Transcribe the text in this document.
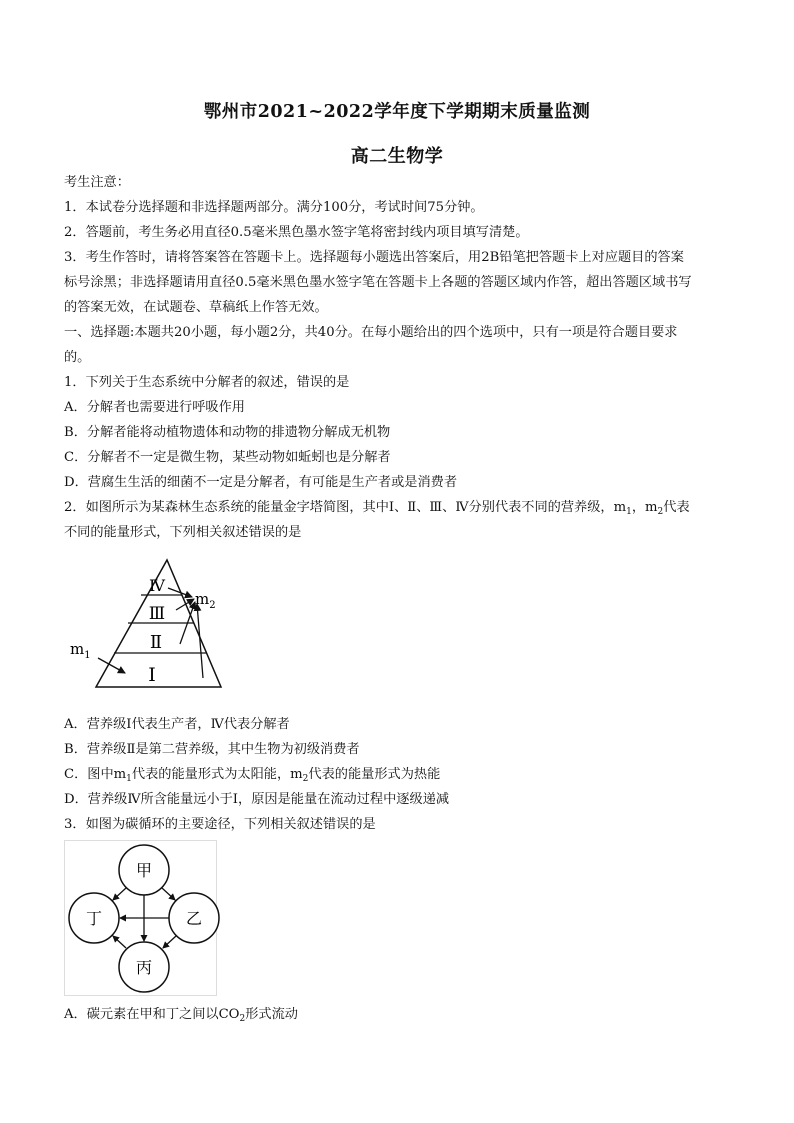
鄂州市2021~2022学年度下学期期末质量监测
高二生物学
考生注意：
1．本试卷分选择题和非选择题两部分。满分100分，考试时间75分钟。
2．答题前，考生务必用直径0.5毫米黑色墨水签字笔将密封线内项目填写清楚。
3．考生作答时，请将答案答在答题卡上。选择题每小题选出答案后，用2B铅笔把答题卡上对应题目的答案
标号涂黑；非选择题请用直径0.5毫米黑色墨水签字笔在答题卡上各题的答题区域内作答，超出答题区域书写
的答案无效，在试题卷、草稿纸上作答无效。
一、选择题:本题共20小题，每小题2分，共40分。在每小题给出的四个选项中，只有一项是符合题目要求
的。
1．下列关于生态系统中分解者的叙述，错误的是
A．分解者也需要进行呼吸作用
B．分解者能将动植物遗体和动物的排遗物分解成无机物
C．分解者不一定是微生物，某些动物如蚯蚓也是分解者
D．营腐生生活的细菌不一定是分解者，有可能是生产者或是消费者
2．如图所示为某森林生态系统的能量金字塔简图，其中Ⅰ、Ⅱ、Ⅲ、Ⅳ分别代表不同的营养级，$m_1$，$m_2$代表
不同的能量形式，下列相关叙述错误的是
Ⅰ
Ⅱ
Ⅲ
Ⅳ
$m_1$
$m_2$
A．营养级Ⅰ代表生产者，Ⅳ代表分解者
B．营养级Ⅱ是第二营养级，其中生物为初级消费者
C．图中$m_1$代表的能量形式为太阳能，$m_2$代表的能量形式为热能
D．营养级Ⅳ所含能量远小于Ⅰ，原因是能量在流动过程中逐级递减
3．如图为碳循环的主要途径，下列相关叙述错误的是
甲
乙
丙
丁
A．碳元素在甲和丁之间以$CO_2$形式流动
